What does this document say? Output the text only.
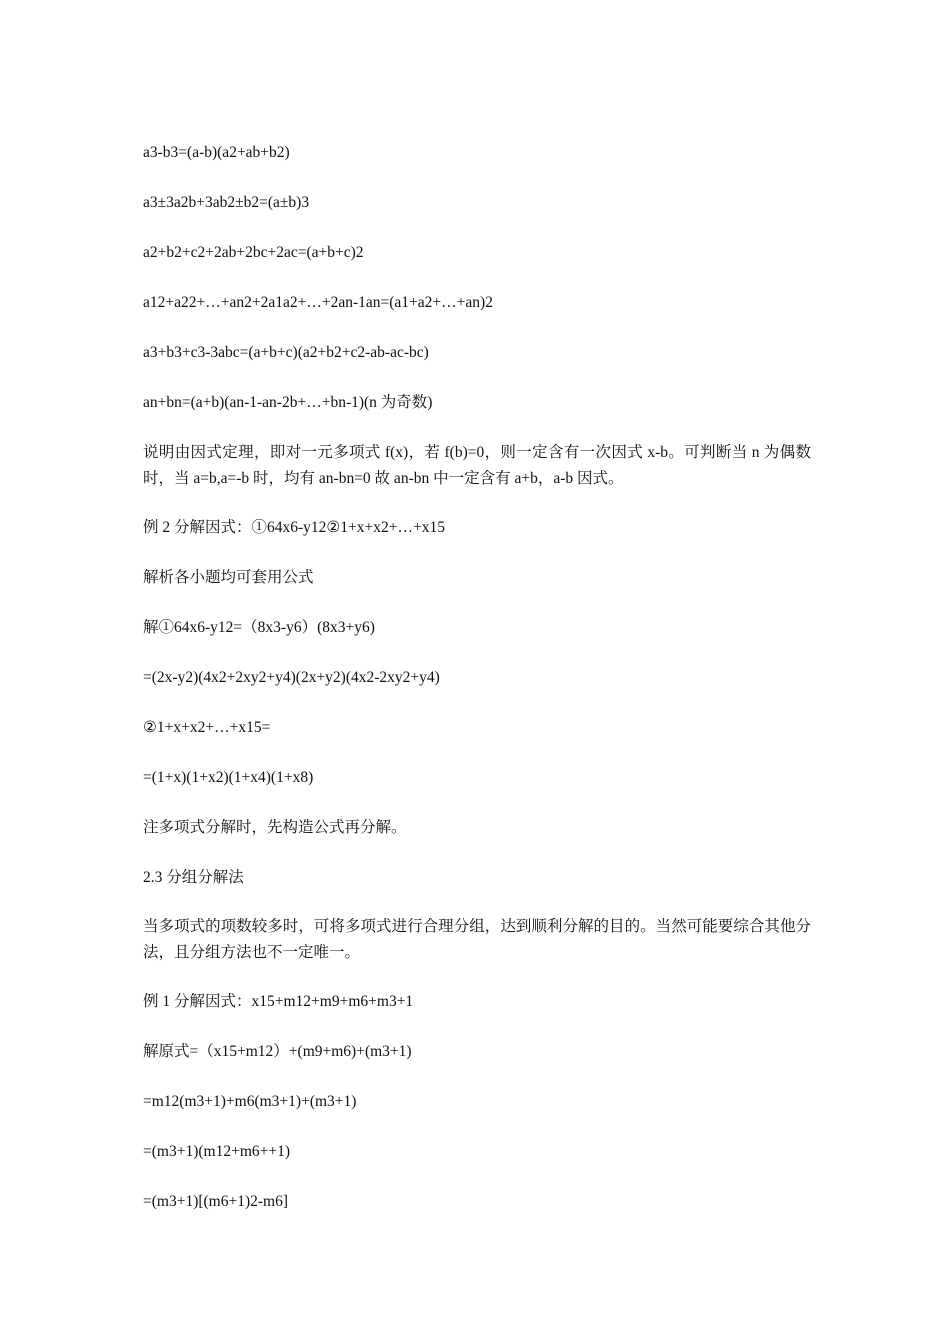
a3-b3=(a-b)(a2+ab+b2)
a3±3a2b+3ab2±b2=(a±b)3
a2+b2+c2+2ab+2bc+2ac=(a+b+c)2
a12+a22+…+an2+2a1a2+…+2an-1an=(a1+a2+…+an)2
a3+b3+c3-3abc=(a+b+c)(a2+b2+c2-ab-ac-bc)
an+bn=(a+b)(an-1-an-2b+…+bn-1)(n 为奇数)
说明由因式定理，即对一元多项式 f(x)，若 f(b)=0，则一定含有一次因式 x-b。可判断当 n 为偶数时，当 a=b,a=-b 时，均有 an-bn=0 故 an-bn 中一定含有 a+b，a-b 因式。
例 2 分解因式：①64x6-y12②1+x+x2+…+x15
解析各小题均可套用公式
解①64x6-y12=（8x3-y6）(8x3+y6)
=(2x-y2)(4x2+2xy2+y4)(2x+y2)(4x2-2xy2+y4)
②1+x+x2+…+x15=
=(1+x)(1+x2)(1+x4)(1+x8)
注多项式分解时，先构造公式再分解。
2.3 分组分解法
当多项式的项数较多时，可将多项式进行合理分组，达到顺利分解的目的。当然可能要综合其他分法，且分组方法也不一定唯一。
例 1 分解因式：x15+m12+m9+m6+m3+1
解原式=（x15+m12）+(m9+m6)+(m3+1)
=m12(m3+1)+m6(m3+1)+(m3+1)
=(m3+1)(m12+m6++1)
=(m3+1)[(m6+1)2-m6]
